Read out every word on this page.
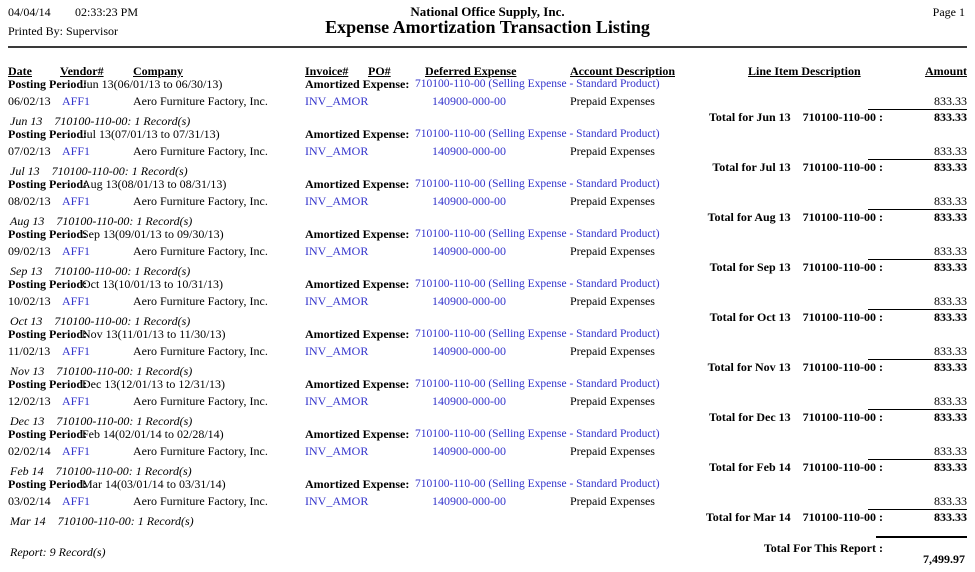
04/04/14 02:33:23 PM
Printed By: Supervisor
National Office Supply, Inc.
Expense Amortization Transaction Listing
Page 1
Date Vendor# Company	Invoice# PO#	Deferred Expense	Account Description	Line Item Description	Amount
Posting Period:
Jun 13(06/01/13 to 06/30/13)	Amortized Expense: 710100-110-00 (Selling Expense - Standard Product)
06/02/13 AFF1	Aero Furniture Factory, Inc.	INV_AMOR	140900-000-00	Prepaid Expenses	833.33
Total for Jun 13    710100-110-00 :	833.33
Jun 13    710100-110-00: 1 Record(s)
Posting Period:
Jul 13(07/01/13 to 07/31/13)	Amortized Expense: 710100-110-00 (Selling Expense - Standard Product)
07/02/13 AFF1	Aero Furniture Factory, Inc.	INV_AMOR	140900-000-00	Prepaid Expenses	833.33
Total for Jul 13    710100-110-00 :	833.33
Jul 13    710100-110-00: 1 Record(s)
Posting Period:
Aug 13(08/01/13 to 08/31/13)	Amortized Expense: 710100-110-00 (Selling Expense - Standard Product)
08/02/13 AFF1	Aero Furniture Factory, Inc.	INV_AMOR	140900-000-00	Prepaid Expenses	833.33
Total for Aug 13    710100-110-00 :	833.33
Aug 13    710100-110-00: 1 Record(s)
Posting Period:
Sep 13(09/01/13 to 09/30/13)	Amortized Expense: 710100-110-00 (Selling Expense - Standard Product)
09/02/13 AFF1	Aero Furniture Factory, Inc.	INV_AMOR	140900-000-00	Prepaid Expenses	833.33
Total for Sep 13    710100-110-00 :	833.33
Sep 13    710100-110-00: 1 Record(s)
Posting Period:
Oct 13(10/01/13 to 10/31/13)	Amortized Expense: 710100-110-00 (Selling Expense - Standard Product)
10/02/13 AFF1	Aero Furniture Factory, Inc.	INV_AMOR	140900-000-00	Prepaid Expenses	833.33
Total for Oct 13    710100-110-00 :	833.33
Oct 13    710100-110-00: 1 Record(s)
Posting Period:
Nov 13(11/01/13 to 11/30/13)	Amortized Expense: 710100-110-00 (Selling Expense - Standard Product)
11/02/13 AFF1	Aero Furniture Factory, Inc.	INV_AMOR	140900-000-00	Prepaid Expenses	833.33
Total for Nov 13    710100-110-00 :	833.33
Nov 13    710100-110-00: 1 Record(s)
Posting Period:
Dec 13(12/01/13 to 12/31/13)	Amortized Expense: 710100-110-00 (Selling Expense - Standard Product)
12/02/13 AFF1	Aero Furniture Factory, Inc.	INV_AMOR	140900-000-00	Prepaid Expenses	833.33
Total for Dec 13    710100-110-00 :	833.33
Dec 13    710100-110-00: 1 Record(s)
Posting Period:
Feb 14(02/01/14 to 02/28/14)	Amortized Expense: 710100-110-00 (Selling Expense - Standard Product)
02/02/14 AFF1	Aero Furniture Factory, Inc.	INV_AMOR	140900-000-00	Prepaid Expenses	833.33
Total for Feb 14    710100-110-00 :	833.33
Feb 14    710100-110-00: 1 Record(s)
Posting Period:
Mar 14(03/01/14 to 03/31/14)	Amortized Expense: 710100-110-00 (Selling Expense - Standard Product)
03/02/14 AFF1	Aero Furniture Factory, Inc.	INV_AMOR	140900-000-00	Prepaid Expenses	833.33
Total for Mar 14    710100-110-00 :	833.33
Mar 14    710100-110-00: 1 Record(s)
Report: 9 Record(s)	Total For This Report :

7,499.97
